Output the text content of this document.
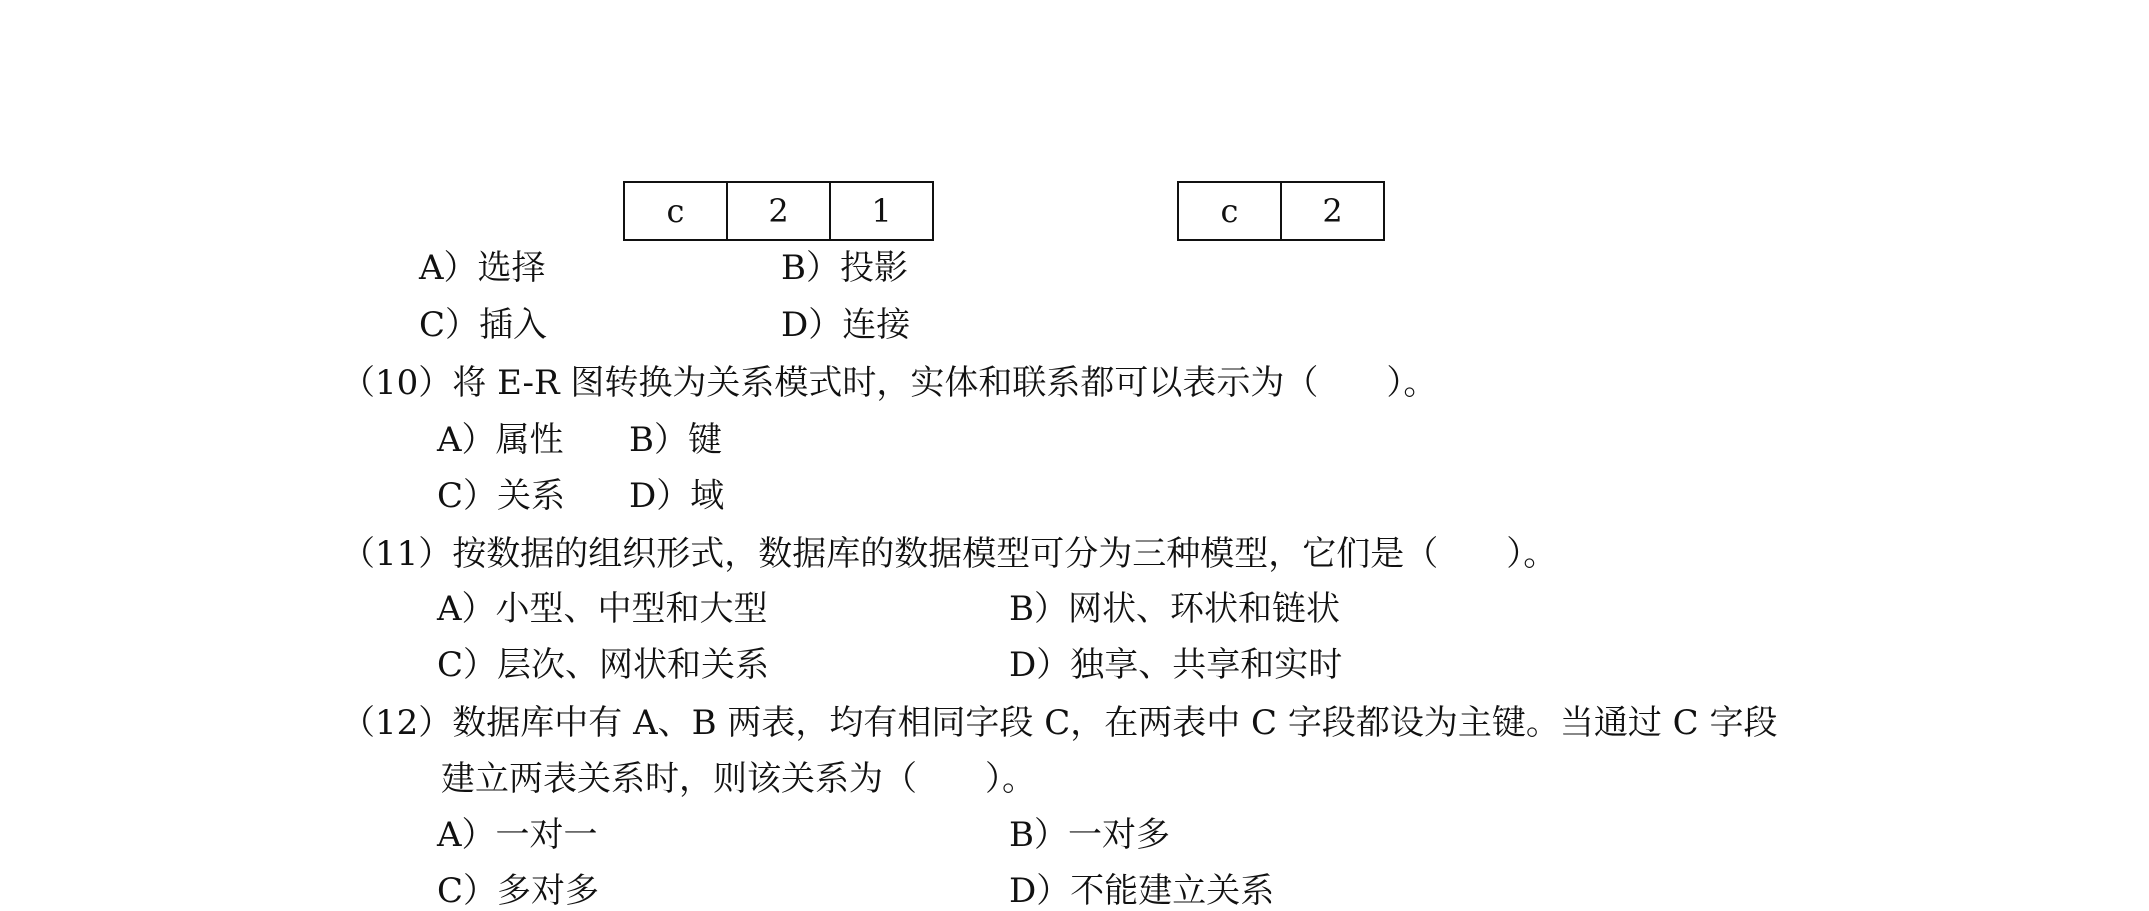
c	2	1	c	2
A）选择	B）投影
C）插入	D）连接
（10）将 E-R 图转换为关系模式时，实体和联系都可以表示为（　　）。
A）属性 B）键
C）关系 D）域
（11）按数据的组织形式，数据库的数据模型可分为三种模型，它们是（　　）。
A）小型、中型和大型	B）网状、环状和链状
C）层次、网状和关系	D）独享、共享和实时
（12）数据库中有 A、B 两表，均有相同字段 C，在两表中 C 字段都设为主键。当通过 C 字段
建立两表关系时，则该关系为（　　）。
A）一对一	B）一对多
C）多对多	D）不能建立关系
